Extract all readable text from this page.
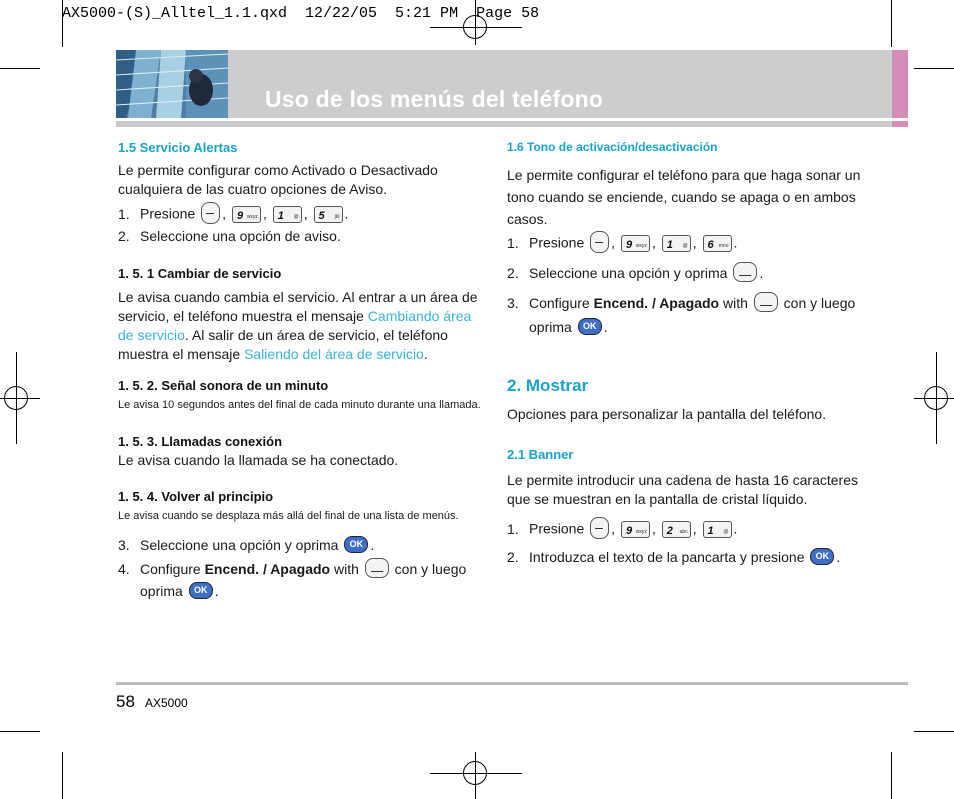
AX5000-(S)_Alltel_1.1.qxd  12/22/05  5:21 PM  Page 58
Uso de los menús del teléfono
1.5 Servicio Alertas
Le permite configurar como Activado o Desactivado
cualquiera de las cuatro opciones de Aviso.
1. Presione , 9 wxyz , 1 @ , 5 jkl .
2. Seleccione una opción de aviso.
1. 5. 1 Cambiar de servicio
Le avisa cuando cambia el servicio. Al entrar a un área de
servicio, el teléfono muestra el mensaje Cambiando área
de servicio. Al salir de un área de servicio, el teléfono
muestra el mensaje Saliendo del área de servicio.
1. 5. 2. Señal sonora de un minuto
Le avisa 10 segundos antes del final de cada minuto durante una llamada.
1. 5. 3. Llamadas conexión
Le avisa cuando la llamada se ha conectado.
1. 5. 4. Volver al principio
Le avisa cuando se desplaza más allá del final de una lista de menús.
3. Seleccione una opción y oprima OK .
4. Configure Encend. / Apagado with	con y luego
oprima OK .
1.6 Tono de activación/desactivación
Le permite configurar el teléfono para que haga sonar un
tono cuando se enciende, cuando se apaga o en ambos
casos.
1. Presione , 9 wxyz , 1 @ , 6 mno .
2. Seleccione una opción y oprima .
3. Configure Encend. / Apagado with	con y luego
oprima OK .
2. Mostrar
Opciones para personalizar la pantalla del teléfono.
2.1 Banner
Le permite introducir una cadena de hasta 16 caracteres
que se muestran en la pantalla de cristal líquido.
1. Presione , 9 wxyz , 2 abc , 1 @ .
2. Introduzca el texto de la pancarta y presione OK .
58 AX5000
